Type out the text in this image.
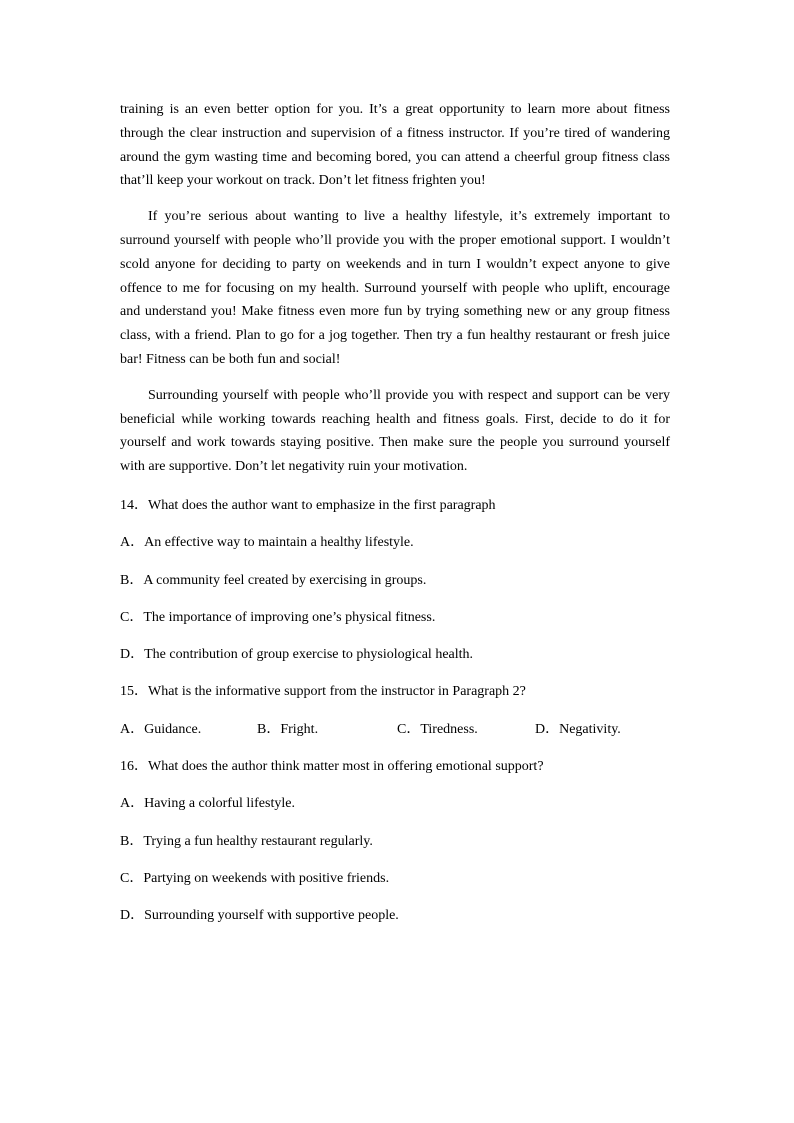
training is an even better option for you. It’s a great opportunity to learn more about fitness through the clear instruction and supervision of a fitness instructor. If you’re tired of wandering around the gym wasting time and becoming bored, you can attend a cheerful group fitness class that’ll keep your workout on track. Don’t let fitness frighten you!

If you’re serious about wanting to live a healthy lifestyle, it’s extremely important to surround yourself with people who’ll provide you with the proper emotional support. I wouldn’t scold anyone for deciding to party on weekends and in turn I wouldn’t expect anyone to give offence to me for focusing on my health. Surround yourself with people who uplift, encourage and understand you! Make fitness even more fun by trying something new or any group fitness class, with a friend. Plan to go for a jog together. Then try a fun healthy restaurant or fresh juice bar! Fitness can be both fun and social!

Surrounding yourself with people who’ll provide you with respect and support can be very beneficial while working towards reaching health and fitness goals. First, decide to do it for yourself and work towards staying positive. Then make sure the people you surround yourself with are supportive. Don’t let negativity ruin your motivation.

14．What does the author want to emphasize in the first paragraph
A．An effective way to maintain a healthy lifestyle.
B．A community feel created by exercising in groups.
C．The importance of improving one’s physical fitness.
D．The contribution of group exercise to physiological health.
15．What is the informative support from the instructor in Paragraph 2?
A．Guidance.	B．Fright.	C．Tiredness.	D．Negativity.
16．What does the author think matter most in offering emotional support?
A．Having a colorful lifestyle.
B．Trying a fun healthy restaurant regularly.
C．Partying on weekends with positive friends.
D．Surrounding yourself with supportive people.
